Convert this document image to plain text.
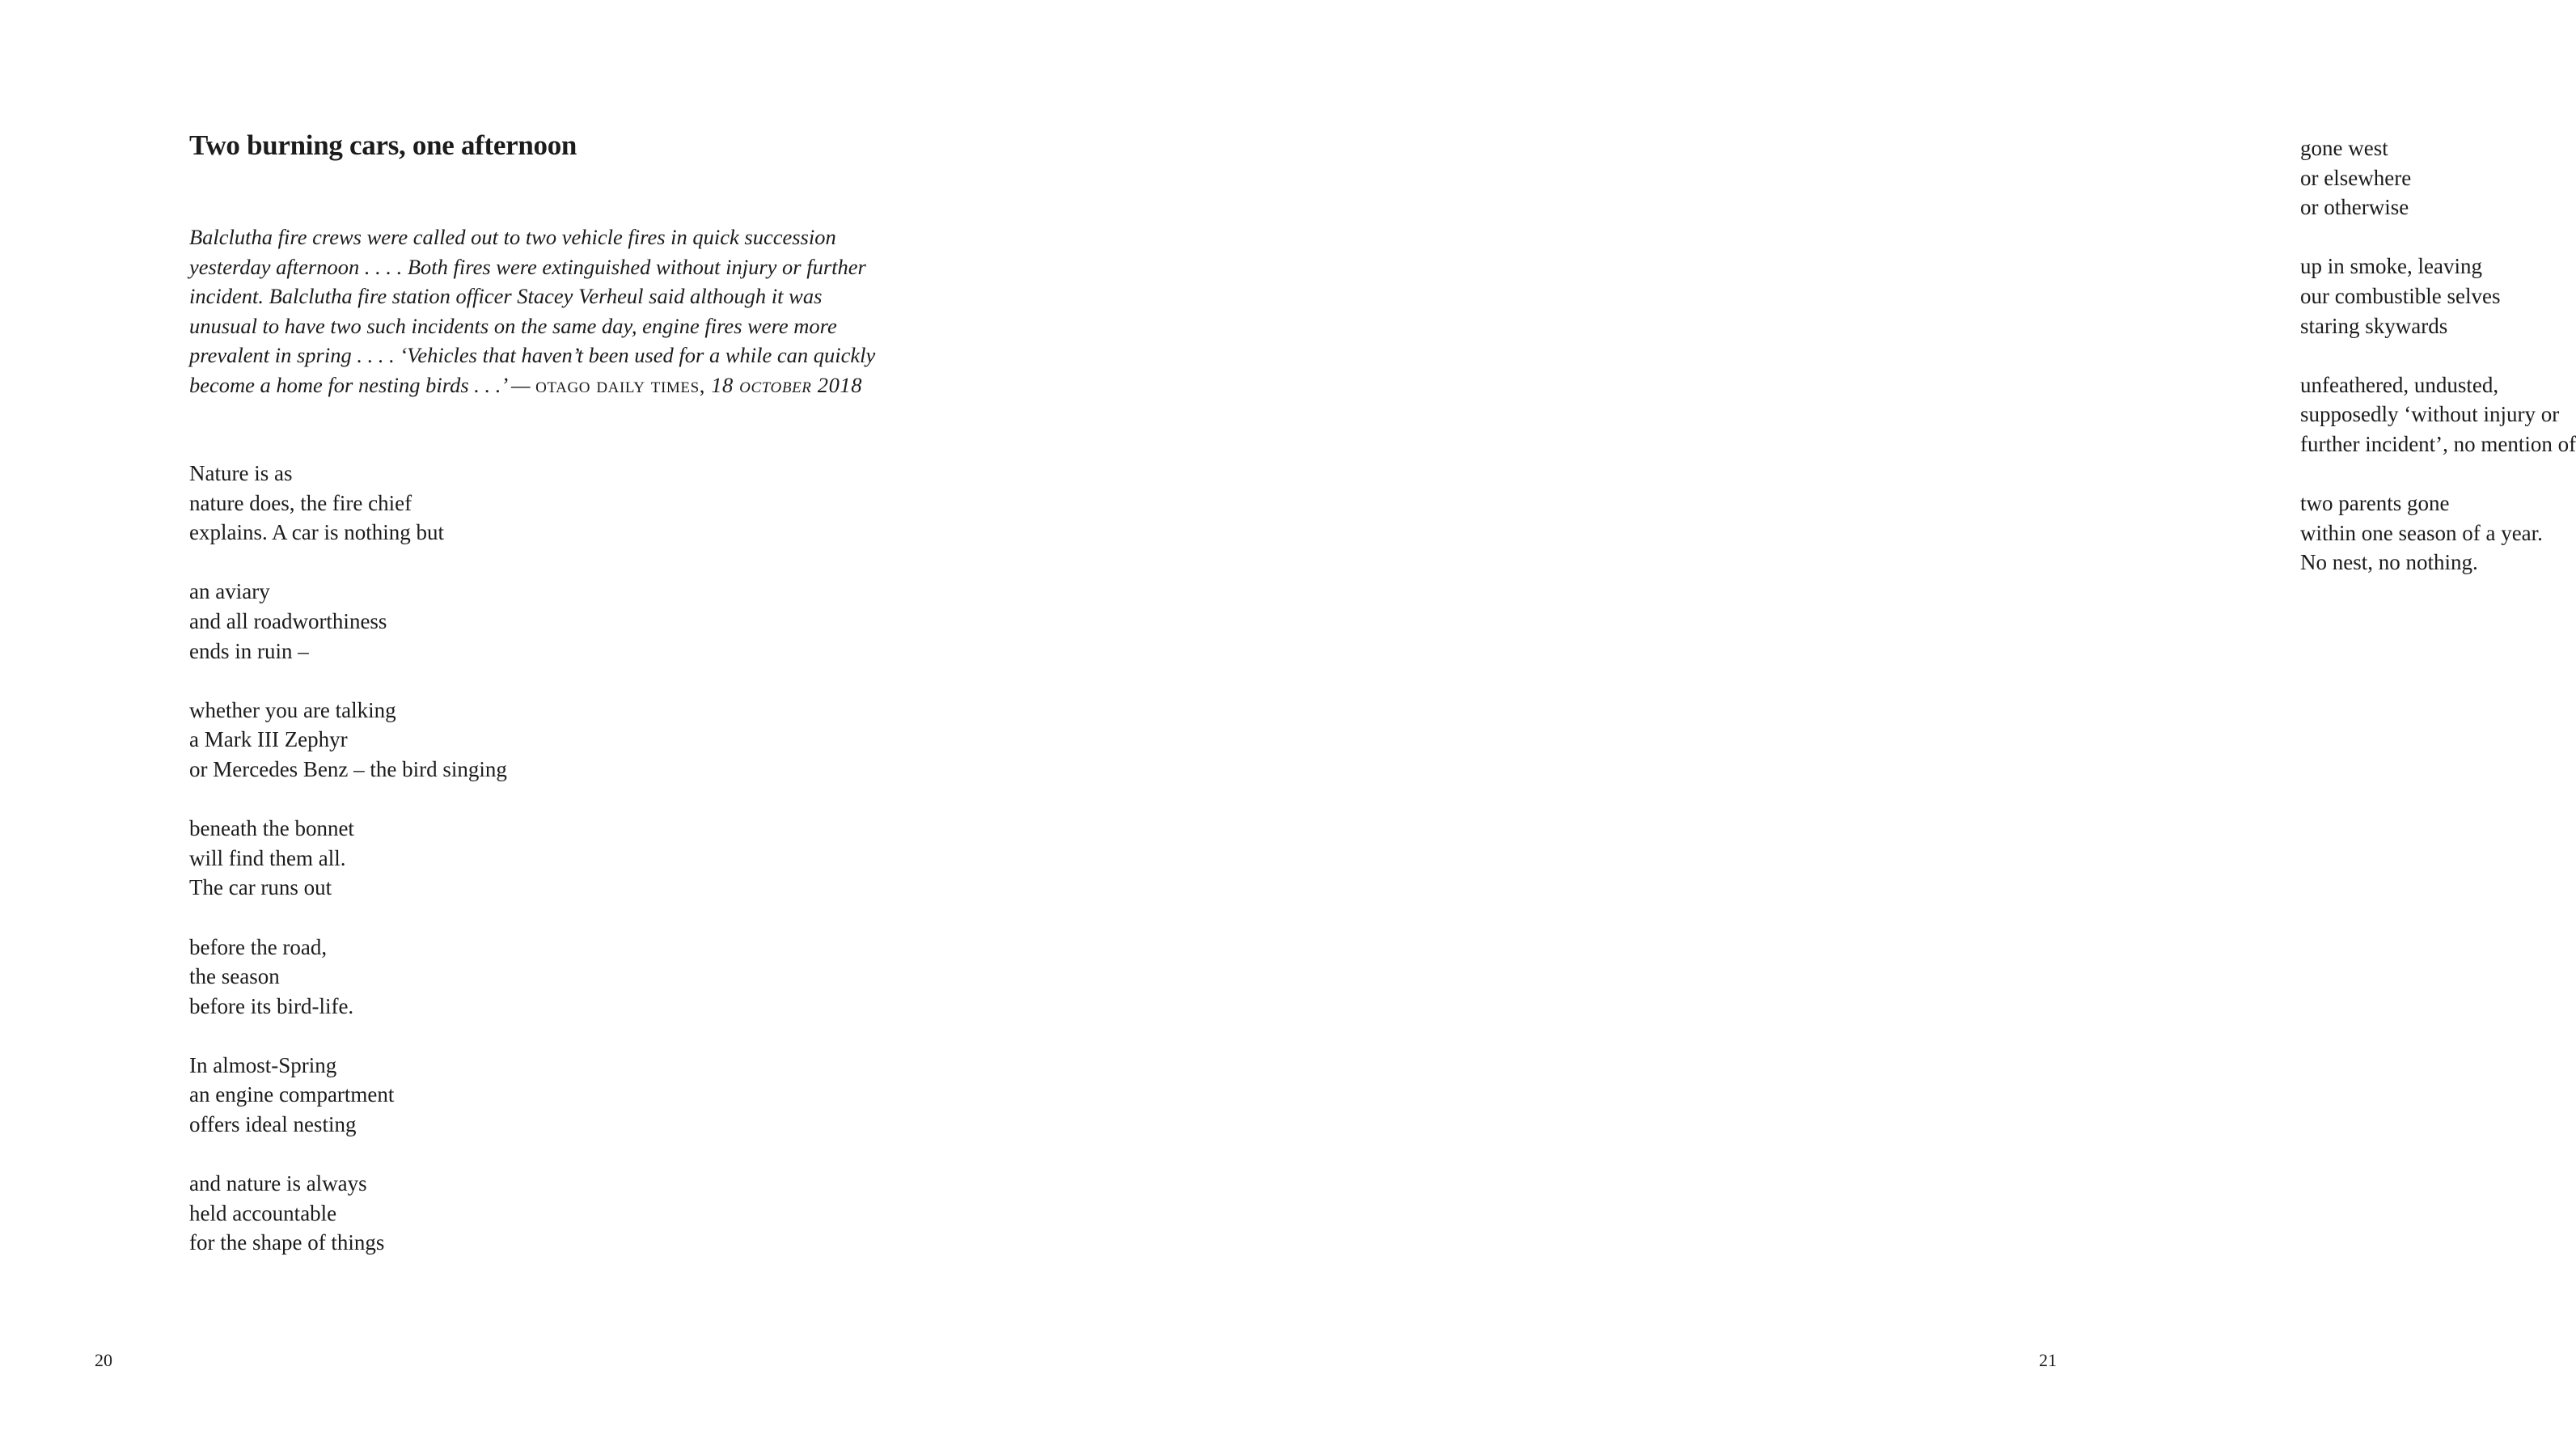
Two burning cars, one afternoon
Balclutha fire crews were called out to two vehicle fires in quick succession
yesterday afternoon . . . . Both fires were extinguished without injury or further
incident. Balclutha fire station officer Stacey Verheul said although it was
unusual to have two such incidents on the same day, engine fires were more
prevalent in spring . . . . ‘Vehicles that haven’t been used for a while can quickly
become a home for nesting birds . . .’ — otago daily times, 18 october 2018
Nature is as
nature does, the fire chief
explains. A car is nothing but
an aviary
and all roadworthiness
ends in ruin –
whether you are talking
a Mark III Zephyr
or Mercedes Benz – the bird singing
beneath the bonnet
will find them all.
The car runs out
before the road,
the season
before its bird-life.
In almost-Spring
an engine compartment
offers ideal nesting
and nature is always
held accountable
for the shape of things
20
gone west
or elsewhere
or otherwise
up in smoke, leaving
our combustible selves
staring skywards
unfeathered, undusted,
supposedly ‘without injury or
further incident’, no mention of
two parents gone
within one season of a year.
No nest, no nothing.
21
